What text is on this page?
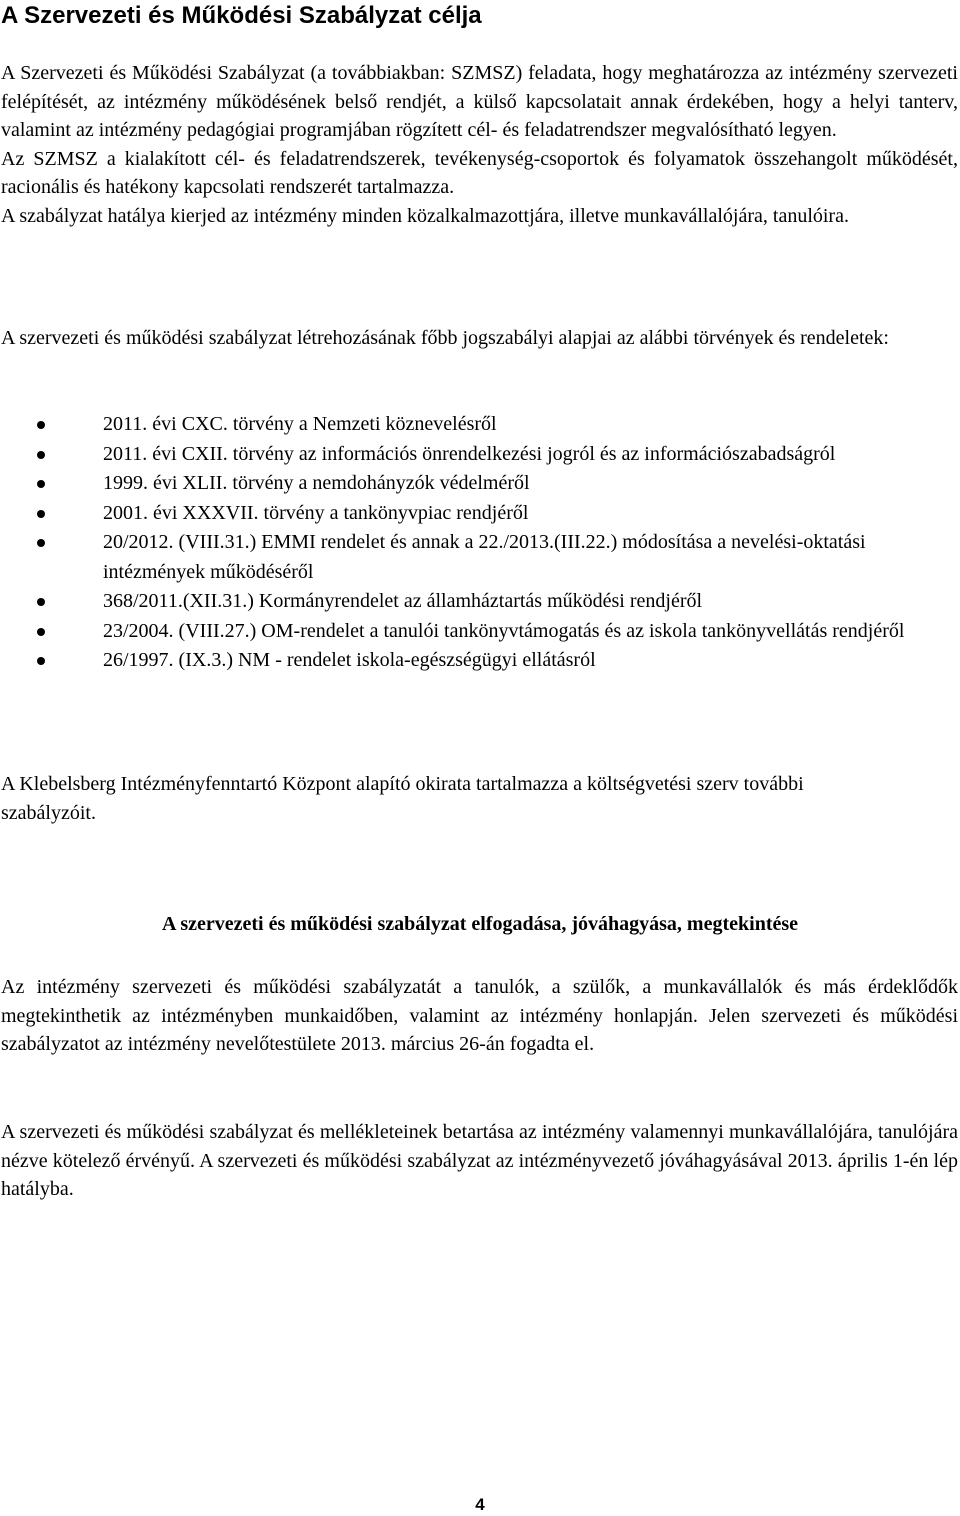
A Szervezeti és Működési Szabályzat célja

A Szervezeti és Működési Szabályzat (a továbbiakban: SZMSZ) feladata, hogy meghatározza az intézmény szervezeti felépítését, az intézmény működésének belső rendjét, a külső kapcsolatait annak érdekében, hogy a helyi tanterv, valamint az intézmény pedagógiai programjában rögzített cél- és feladatrendszer megvalósítható legyen.

Az SZMSZ a kialakított cél- és feladatrendszerek, tevékenység-csoportok és folyamatok összehangolt működését, racionális és hatékony kapcsolati rendszerét tartalmazza.

A szabályzat hatálya kierjed az intézmény minden közalkalmazottjára, illetve munkavállalójára, tanulóira.

A szervezeti és működési szabályzat létrehozásának főbb jogszabályi alapjai az alábbi törvények és rendeletek:

2011. évi CXC. törvény a Nemzeti köznevelésről
2011. évi CXII. törvény az információs önrendelkezési jogról és az információszabadságról
1999. évi XLII. törvény a nemdohányzók védelméről
2001. évi XXXVII. törvény a tankönyvpiac rendjéről
20/2012. (VIII.31.) EMMI rendelet és annak a 22./2013.(III.22.) módosítása a nevelési-oktatási intézmények működéséről
368/2011.(XII.31.) Kormányrendelet az államháztartás működési rendjéről
23/2004. (VIII.27.) OM-rendelet a tanulói tankönyvtámogatás és az iskola tankönyvellátás rendjéről
26/1997. (IX.3.) NM - rendelet iskola-egészségügyi ellátásról

A Klebelsberg Intézményfenntartó Központ alapító okirata tartalmazza a költségvetési szerv további szabályzóit.

A szervezeti és működési szabályzat elfogadása, jóváhagyása, megtekintése

Az intézmény szervezeti és működési szabályzatát a tanulók, a szülők, a munkavállalók és más érdeklődők megtekinthetik az intézményben munkaidőben, valamint az intézmény honlapján. Jelen szervezeti és működési szabályzatot az intézmény nevelőtestülete 2013. március 26-án fogadta el.

A szervezeti és működési szabályzat és mellékleteinek betartása az intézmény valamennyi munkavállalójára, tanulójára nézve kötelező érvényű. A szervezeti és működési szabályzat az intézményvezető jóváhagyásával 2013. április 1-én lép hatályba.

4
